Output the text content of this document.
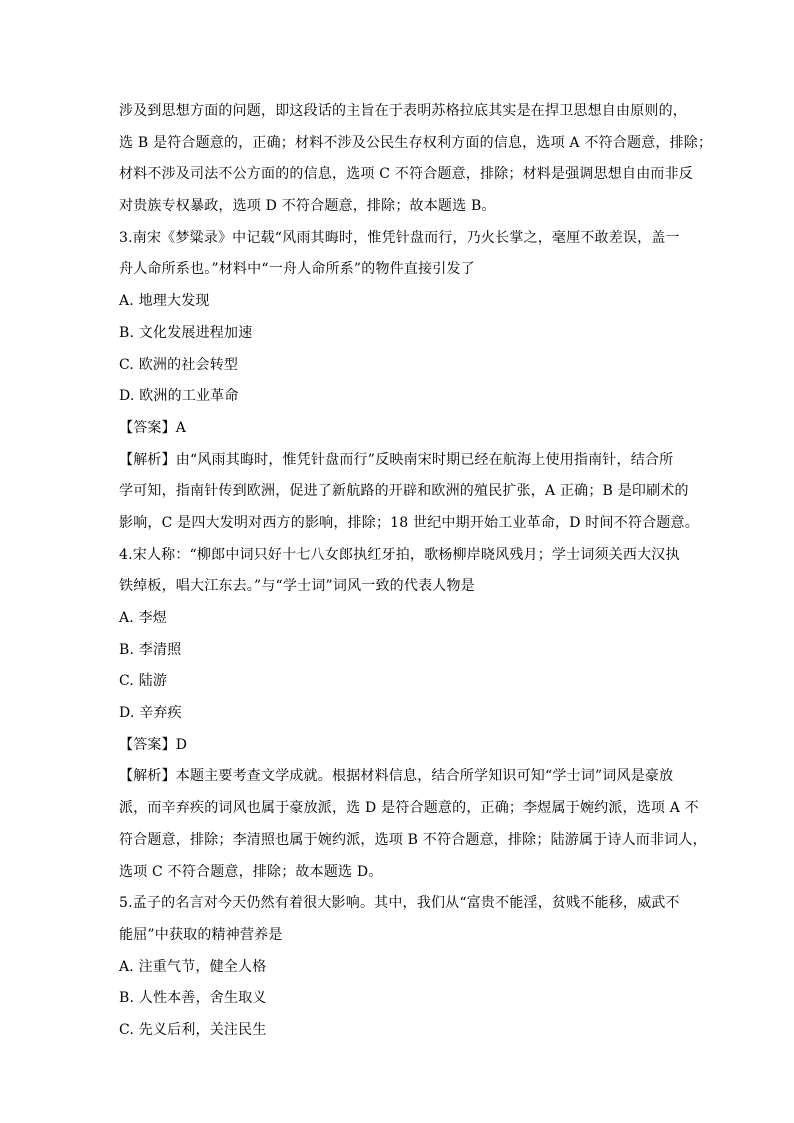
涉及到思想方面的问题，即这段话的主旨在于表明苏格拉底其实是在捍卫思想自由原则的，
选 B 是符合题意的，正确；材料不涉及公民生存权利方面的信息，选项 A 不符合题意，排除；
材料不涉及司法不公方面的的信息，选项 C 不符合题意，排除；材料是强调思想自由而非反
对贵族专权暴政，选项 D 不符合题意，排除；故本题选 B。
3.南宋《梦粱录》中记载“风雨其晦时，惟凭针盘而行，乃火长掌之，毫厘不敢差误，盖一
舟人命所系也。”材料中“一舟人命所系”的物件直接引发了
A. 地理大发现
B. 文化发展进程加速
C. 欧洲的社会转型
D. 欧洲的工业革命
【答案】A
【解析】由“风雨其晦时，惟凭针盘而行”反映南宋时期已经在航海上使用指南针，结合所
学可知，指南针传到欧洲，促进了新航路的开辟和欧洲的殖民扩张，A 正确；B 是印刷术的
影响，C 是四大发明对西方的影响，排除；18 世纪中期开始工业革命，D 时间不符合题意。
4.宋人称：“柳郎中词只好十七八女郎执红牙拍，歌杨柳岸晓风残月；学士词须关西大汉执
铁绰板，唱大江东去。”与“学士词”词风一致的代表人物是
A. 李煜
B. 李清照
C. 陆游
D. 辛弃疾
【答案】D
【解析】本题主要考查文学成就。根据材料信息，结合所学知识可知“学士词”词风是豪放
派，而辛弃疾的词风也属于豪放派，选 D 是符合题意的，正确；李煜属于婉约派，选项 A 不
符合题意，排除；李清照也属于婉约派，选项 B 不符合题意，排除；陆游属于诗人而非词人，
选项 C 不符合题意，排除；故本题选 D。
5.孟子的名言对今天仍然有着很大影响。其中，我们从“富贵不能淫，贫贱不能移，威武不
能屈”中获取的精神营养是
A. 注重气节，健全人格
B. 人性本善，舍生取义
C. 先义后利，关注民生
